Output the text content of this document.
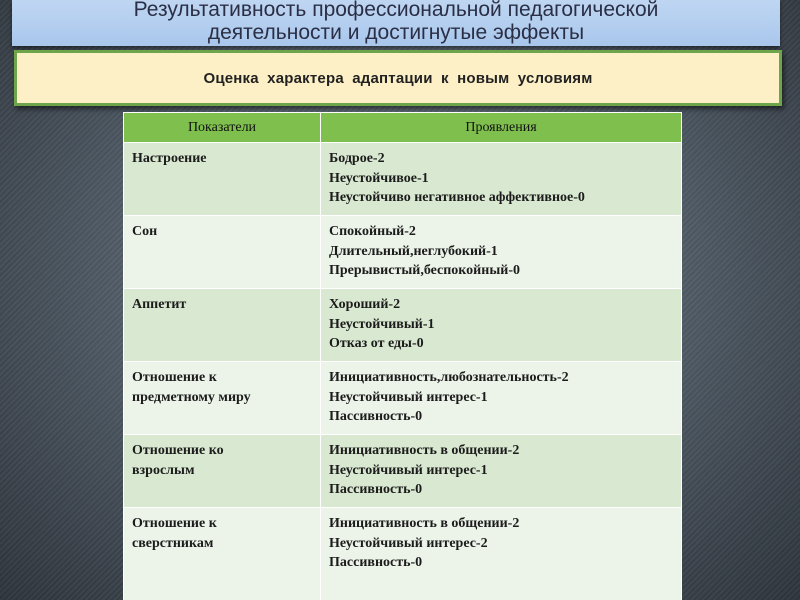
Результативность профессиональной педагогической
деятельности и достигнутые эффекты
Оценка характера адаптации к новым условиям
Показатели	Проявления

Настроение	Бодрое-2
Неустойчивое-1
Неустойчиво негативное аффективное-0

Сон	Спокойный-2
Длительный,неглубокий-1
Прерывистый,беспокойный-0

Аппетит	Хороший-2
Неустойчивый-1
Отказ от еды-0

Отношение к
предметному миру	Инициативность,любознательность-2
Неустойчивый интерес-1
Пассивность-0

Отношение ко
взрослым	Инициативность в общении-2
Неустойчивый интерес-1
Пассивность-0

Отношение к
сверстникам	Инициативность в общении-2
Неустойчивый интерес-2
Пассивность-0
